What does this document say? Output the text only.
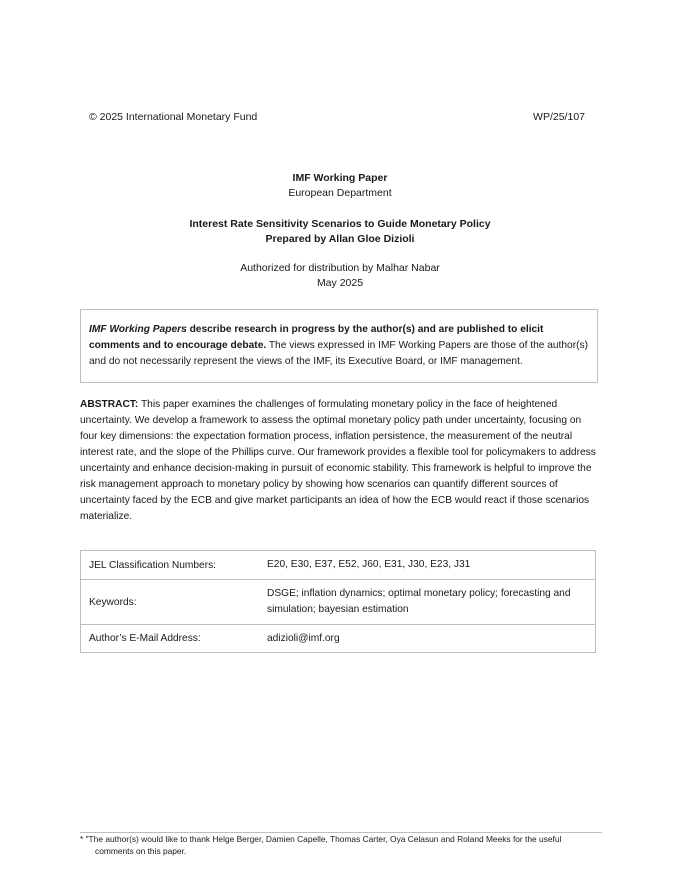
© 2025 International Monetary Fund	WP/25/107
IMF Working Paper
European Department
Interest Rate Sensitivity Scenarios to Guide Monetary Policy
Prepared by Allan Gloe Dizioli
Authorized for distribution by Malhar Nabar
May 2025
IMF Working Papers describe research in progress by the author(s) and are published to elicit comments and to encourage debate. The views expressed in IMF Working Papers are those of the author(s) and do not necessarily represent the views of the IMF, its Executive Board, or IMF management.
ABSTRACT: This paper examines the challenges of formulating monetary policy in the face of heightened uncertainty. We develop a framework to assess the optimal monetary policy path under uncertainty, focusing on four key dimensions: the expectation formation process, inflation persistence, the measurement of the neutral interest rate, and the slope of the Phillips curve. Our framework provides a flexible tool for policymakers to address uncertainty and enhance decision-making in pursuit of economic stability. This framework is helpful to improve the risk management approach to monetary policy by showing how scenarios can quantify different sources of uncertainty faced by the ECB and give market participants an idea of how the ECB would react if those scenarios materialize.
JEL Classification Numbers:	E20, E30, E37, E52, J60, E31, J30, E23, J31
Keywords:	DSGE; inflation dynamics; optimal monetary policy; forecasting and simulation; bayesian estimation
Author’s E-Mail Address:	adizioli@imf.org
* "The author(s) would like to thank Helge Berger, Damien Capelle, Thomas Carter, Oya Celasun and Roland Meeks for the useful
comments on this paper.
